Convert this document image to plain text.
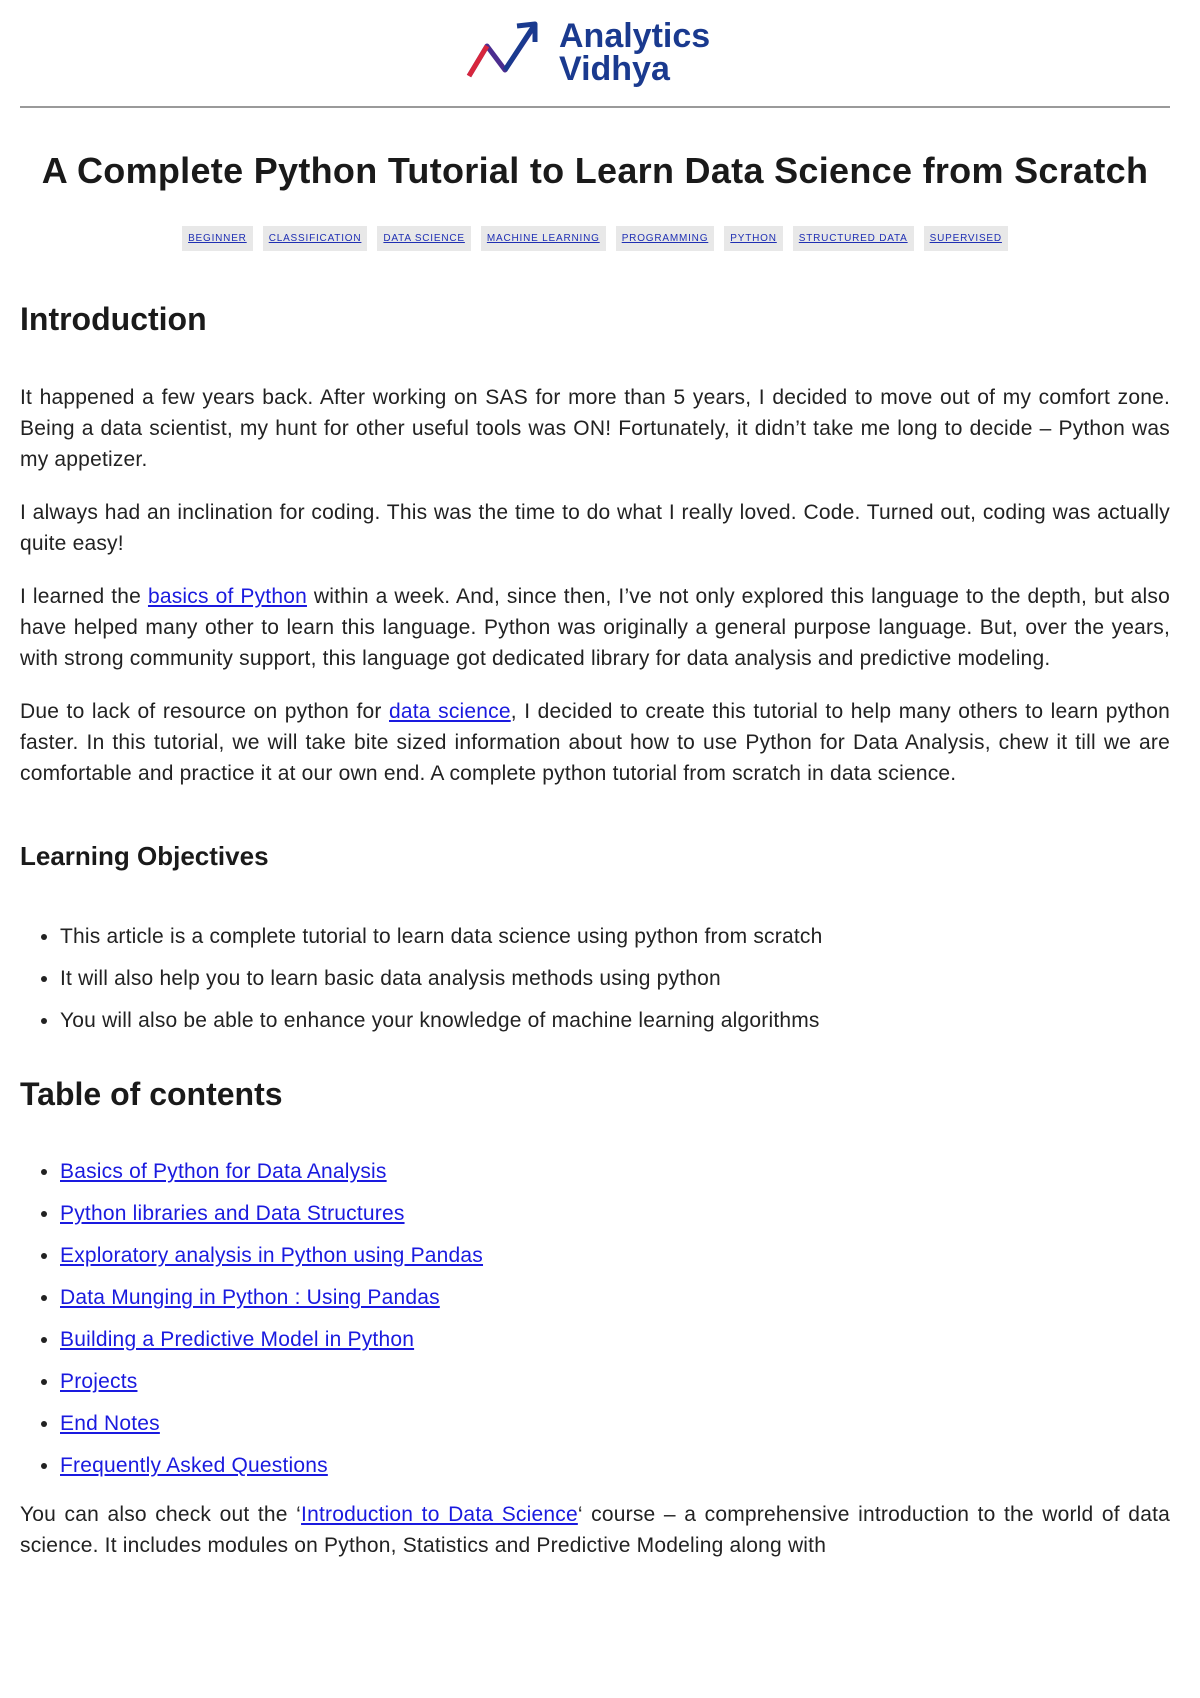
Analytics
Vidhya
A Complete Python Tutorial to Learn Data Science from Scratch
BEGINNER	CLASSIFICATION	DATA SCIENCE	MACHINE LEARNING	PROGRAMMING	PYTHON	STRUCTURED DATA	SUPERVISED
Introduction

It happened a few years back. After working on SAS for more than 5 years, I decided to move out of my comfort zone. Being a data scientist, my hunt for other useful tools was ON! Fortunately, it didn’t take me long to decide – Python was my appetizer.

I always had an inclination for coding. This was the time to do what I really loved. Code. Turned out, coding was actually quite easy!

I learned the basics of Python within a week. And, since then, I’ve not only explored this language to the depth, but also have helped many other to learn this language. Python was originally a general purpose language. But, over the years, with strong community support, this language got dedicated library for data analysis and predictive modeling.

Due to lack of resource on python for data science, I decided to create this tutorial to help many others to learn python faster. In this tutorial, we will take bite sized information about how to use Python for Data Analysis, chew it till we are comfortable and practice it at our own end. A complete python tutorial from scratch in data science.

Learning Objectives
• This article is a complete tutorial to learn data science using python from scratch
• It will also help you to learn basic data analysis methods using python
• You will also be able to enhance your knowledge of machine learning algorithms
Table of contents
• Basics of Python for Data Analysis
• Python libraries and Data Structures
• Exploratory analysis in Python using Pandas
• Data Munging in Python : Using Pandas
• Building a Predictive Model in Python
• Projects
• End Notes
• Frequently Asked Questions

You can also check out the ‘Introduction to Data Science‘ course – a comprehensive introduction to the world of data science. It includes modules on Python, Statistics and Predictive Modeling along with
